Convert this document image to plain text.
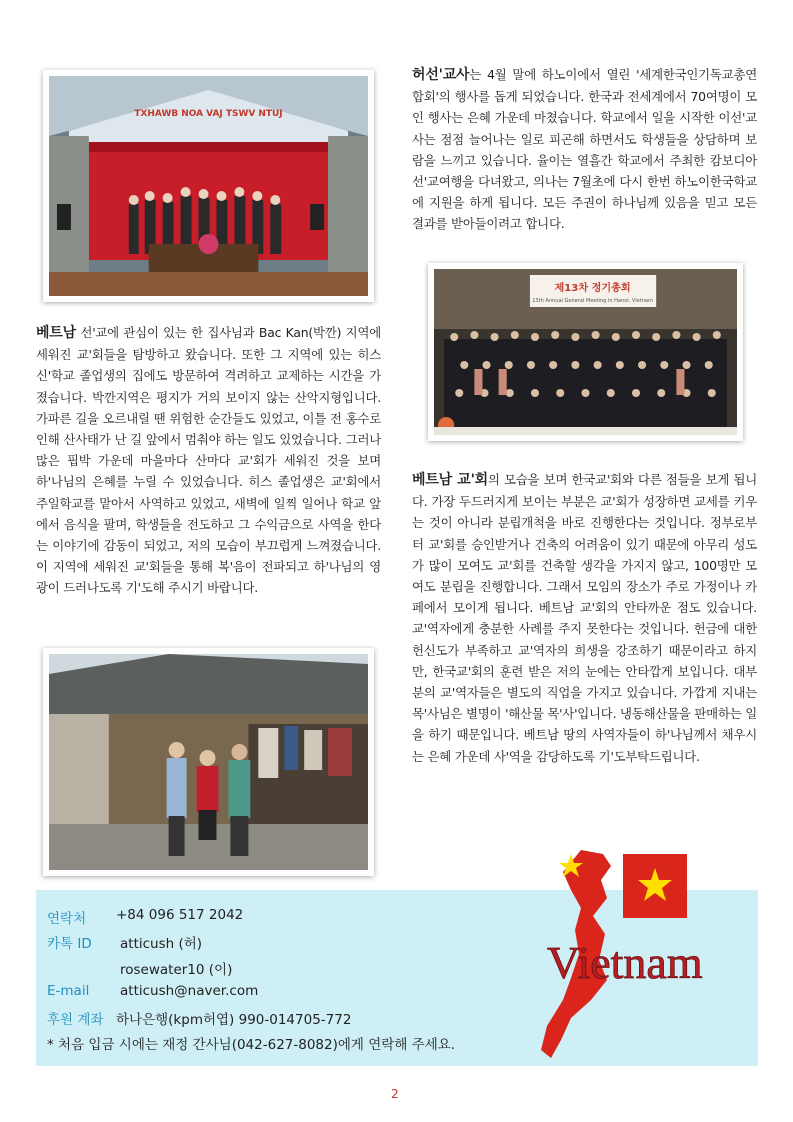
TXHAWB NOA VAJ TSWV NTUJ
베트남 선'교에 관심이 있는 한 집사님과 Bac Kan(박깐) 지역에 세워진 교'회들을 탐방하고 왔습니다. 또한 그 지역에 있는 히스신'학교 졸업생의 집에도 방문하여 격려하고 교제하는 시간을 가졌습니다. 박깐지역은 평지가 거의 보이지 않는 산악지형입니다. 가파른 길을 오르내릴 땐 위험한 순간들도 있었고, 이틀 전 홍수로 인해 산사태가 난 길 앞에서 멈춰야 하는 일도 있었습니다. 그러나 많은 핍박 가운데 마을마다 산마다 교'회가 세워진 것을 보며 하'나님의 은혜를 누릴 수 있었습니다. 히스 졸업생은 교'회에서 주일학교를 맡아서 사역하고 있었고, 새벽에 일찍 일어나 학교 앞에서 음식을 팔며, 학생들을 전도하고 그 수익금으로 사역을 한다는 이야기에 감동이 되었고, 저의 모습이 부끄럽게 느껴졌습니다. 이 지역에 세워진 교'회들을 통해 복'음이 전파되고 하'나님의 영광이 드러나도록 기'도해 주시기 바랍니다.
허선'교사는 4월 말에 하노이에서 열린 '세계한국인기독교총연합회'의 행사를 돕게 되었습니다. 한국과 전세계에서 70여명이 모인 행사는 은혜 가운데 마쳤습니다. 학교에서 일을 시작한 이선'교사는 점점 늘어나는 일로 피곤해 하면서도 학생들을 상담하며 보람을 느끼고 있습니다. 율이는 열흘간 학교에서 주최한 캄보디아 선'교여행을 다녀왔고, 의나는 7월초에 다시 한번 하노이한국학교에 지원을 하게 됩니다. 모든 주권이 하나님께 있음을 믿고 모든 결과를 받아들이려고 합니다.
제13차 정기총회
13th Annual General Meeting in Hanoi, Vietnam
베트남 교'회의 모습을 보며 한국교'회와 다른 점들을 보게 됩니다. 가장 두드러지게 보이는 부분은 교'회가 성장하면 교세를 키우는 것이 아니라 분립개척을 바로 진행한다는 것입니다. 정부로부터 교'회를 승인받거나 건축의 어려움이 있기 때문에 아무리 성도가 많이 모여도 교'회를 건축할 생각을 가지지 않고, 100명만 모여도 분립을 진행합니다. 그래서 모임의 장소가 주로 가정이나 카페에서 모이게 됩니다. 베트남 교'회의 안타까운 점도 있습니다. 교'역자에게 충분한 사례를 주지 못한다는 것입니다. 헌금에 대한 헌신도가 부족하고 교'역자의 희생을 강조하기 때문이라고 하지만, 한국교'회의 훈련 받은 저의 눈에는 안타깝게 보입니다. 대부분의 교'역자들은 별도의 직업을 가지고 있습니다. 가깝게 지내는 목'사님은 별명이 '해산물 목'사'입니다. 냉동해산물을 판매하는 일을 하기 때문입니다. 베트남 땅의 사역자들이 하'나님께서 채우시는 은혜 가운데 사'역을 감당하도록 기'도부탁드립니다.
연락처 +84 096 517 2042
카톡 ID atticush (허)
rosewater10 (이)
E-mail atticush@naver.com
후원 계좌 하나은행(kpm허엽) 990-014705-772
* 처음 입금 시에는 재정 간사님(042-627-8082)에게 연락해 주세요.
Vietnam
2
